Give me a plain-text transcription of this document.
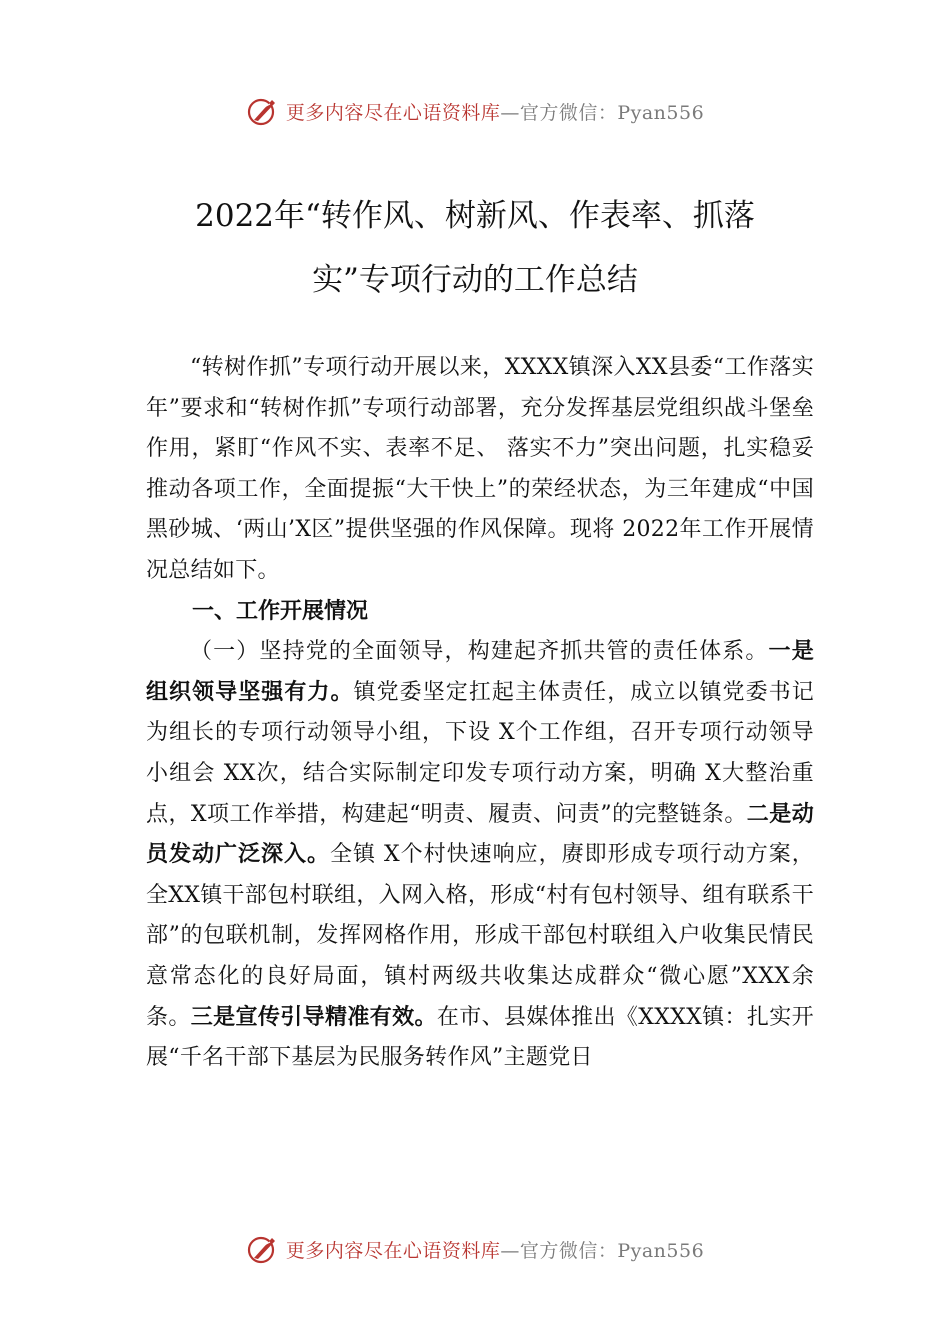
更多内容尽在心语资料库—官方微信：Pyan556
2022年“转作风、树新风、作表率、抓落
实”专项行动的工作总结

“转树作抓”专项行动开展以来，XXXX镇深入XX县委“工作落实年”要求和“转树作抓”专项行动部署，充分发挥基层党组织战斗堡垒作用，紧盯“作风不实、表率不足、 落实不力”突出问题，扎实稳妥推动各项工作，全面提振“大干快上”的荣经状态，为三年建成“中国黑砂城、‘两山’X区”提供坚强的作风保障。现将 2022年工作开展情况总结如下。

一、工作开展情况

（一）坚持党的全面领导，构建起齐抓共管的责任体系。一是组织领导坚强有力。镇党委坚定扛起主体责任，成立以镇党委书记为组长的专项行动领导小组，下设 X个工作组，召开专项行动领导小组会 XX次，结合实际制定印发专项行动方案，明确 X大整治重点，X项工作举措，构建起“明责、履责、问责”的完整链条。二是动员发动广泛深入。全镇 X个村快速响应，赓即形成专项行动方案，全XX镇干部包村联组，入网入格，形成“村有包村领导、组有联系干部”的包联机制，发挥网格作用，形成干部包村联组入户收集民情民意常态化的良好局面，镇村两级共收集达成群众“微心愿”XXX余条。三是宣传引导精准有效。在市、县媒体推出《XXXX镇：扎实开展“千名干部下基层为民服务转作风”主题党日

更多内容尽在心语资料库—官方微信：Pyan556
